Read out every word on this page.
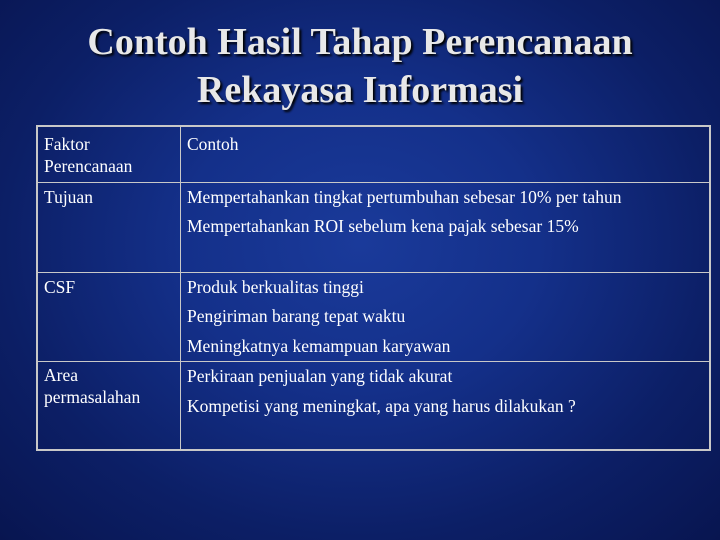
Contoh Hasil Tahap Perencanaan
Rekayasa Informasi
Faktor
Perencanaan	Contoh

Tujuan	Mempertahankan tingkat pertumbuhan sebesar 10% per tahun
Mempertahankan ROI sebelum kena pajak sebesar 15%

CSF	Produk berkualitas tinggi
Pengiriman barang tepat waktu
Meningkatnya kemampuan karyawan

Area
permasalahan	Perkiraan penjualan yang tidak akurat
Kompetisi yang meningkat, apa yang harus dilakukan ?
